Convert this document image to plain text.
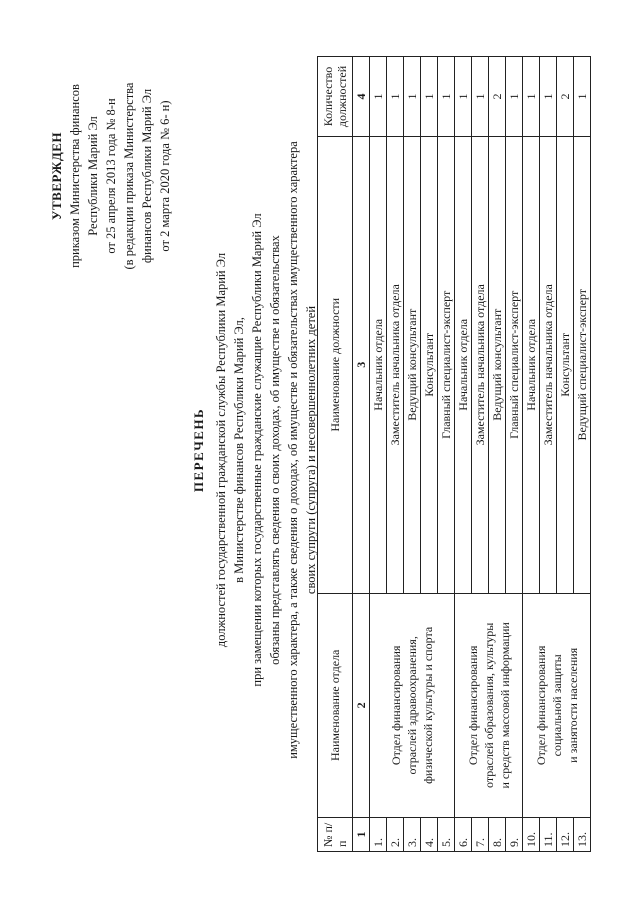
УТВЕРЖДЕН приказом Министерства финансов Республики Марий Эл от 25 апреля 2013 года № 8-н (в редакции приказа Министерства финансов Республики Марий Эл от 2 марта 2020 года № 6- н)
ПЕРЕЧЕНЬ должностей государственной гражданской службы Республики Марий Эл в Министерстве финансов Республики Марий Эл, при замещении которых государственные гражданские служащие Республики Марий Эл обязаны представлять сведения о своих доходах, об имуществе и обязательствах имущественного характера, а также сведения о доходах, об имуществе и обязательствах имущественного характера своих супруги (супруга) и несовершеннолетних детей
№ п/п	Наименование отдела	Наименование должности	Количество должностей
1	2	3	4
1.	Отдел финансирования отраслей здравоохранения, физической культуры и спорта	Начальник отдела	1
2.		Заместитель начальника отдела	1
3.		Ведущий консультант	1
4.		Консультант	1
5.		Главный специалист-эксперт	1
6.	Отдел финансирования отраслей образования, культуры и средств массовой информации	Начальник отдела	1
7.		Заместитель начальника отдела	1
8.		Ведущий консультант	2
9.		Главный специалист-эксперт	1
10.	Отдел финансирования социальной защиты и занятости населения	Начальник отдела	1
11.		Заместитель начальника отдела	1
12.		Консультант	2
13.		Ведущий специалист-эксперт	1
